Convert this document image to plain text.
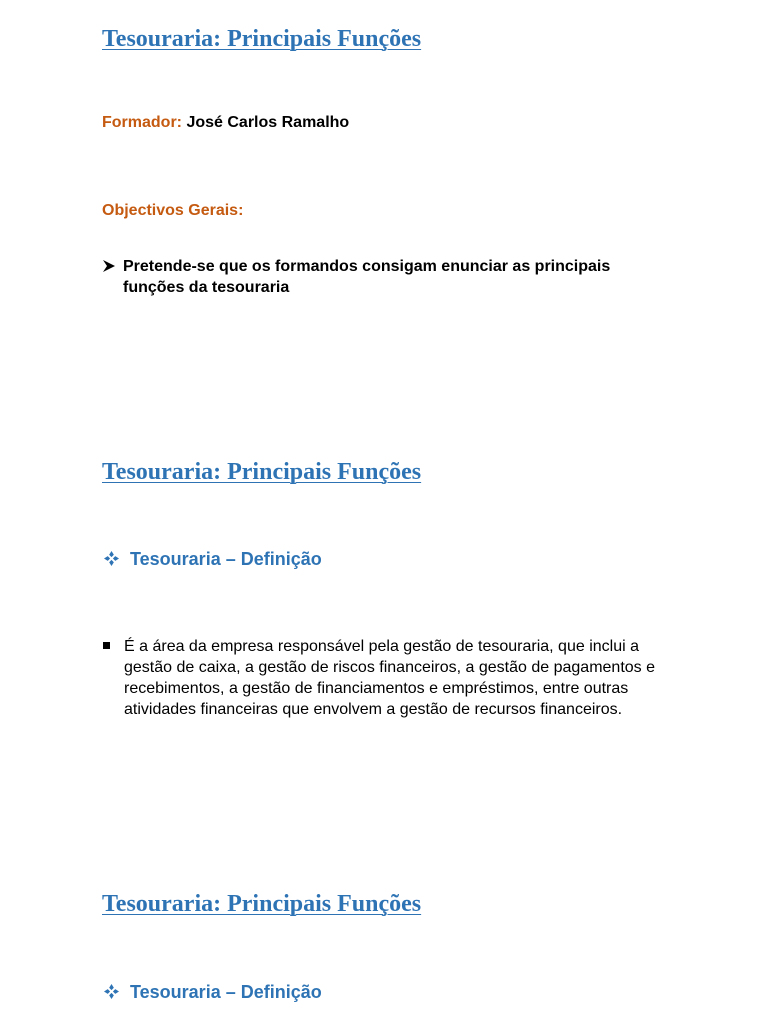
Tesouraria: Principais Funções
Formador: José Carlos Ramalho
Objectivos Gerais:
Pretende-se que os formandos consigam enunciar as principais funções da tesouraria
Tesouraria: Principais Funções
Tesouraria – Definição
É a área da empresa responsável pela gestão de tesouraria, que inclui a gestão de caixa, a gestão de riscos financeiros, a gestão de pagamentos e recebimentos, a gestão de financiamentos e empréstimos, entre outras atividades financeiras que envolvem a gestão de recursos financeiros.
Tesouraria: Principais Funções
Tesouraria – Definição
